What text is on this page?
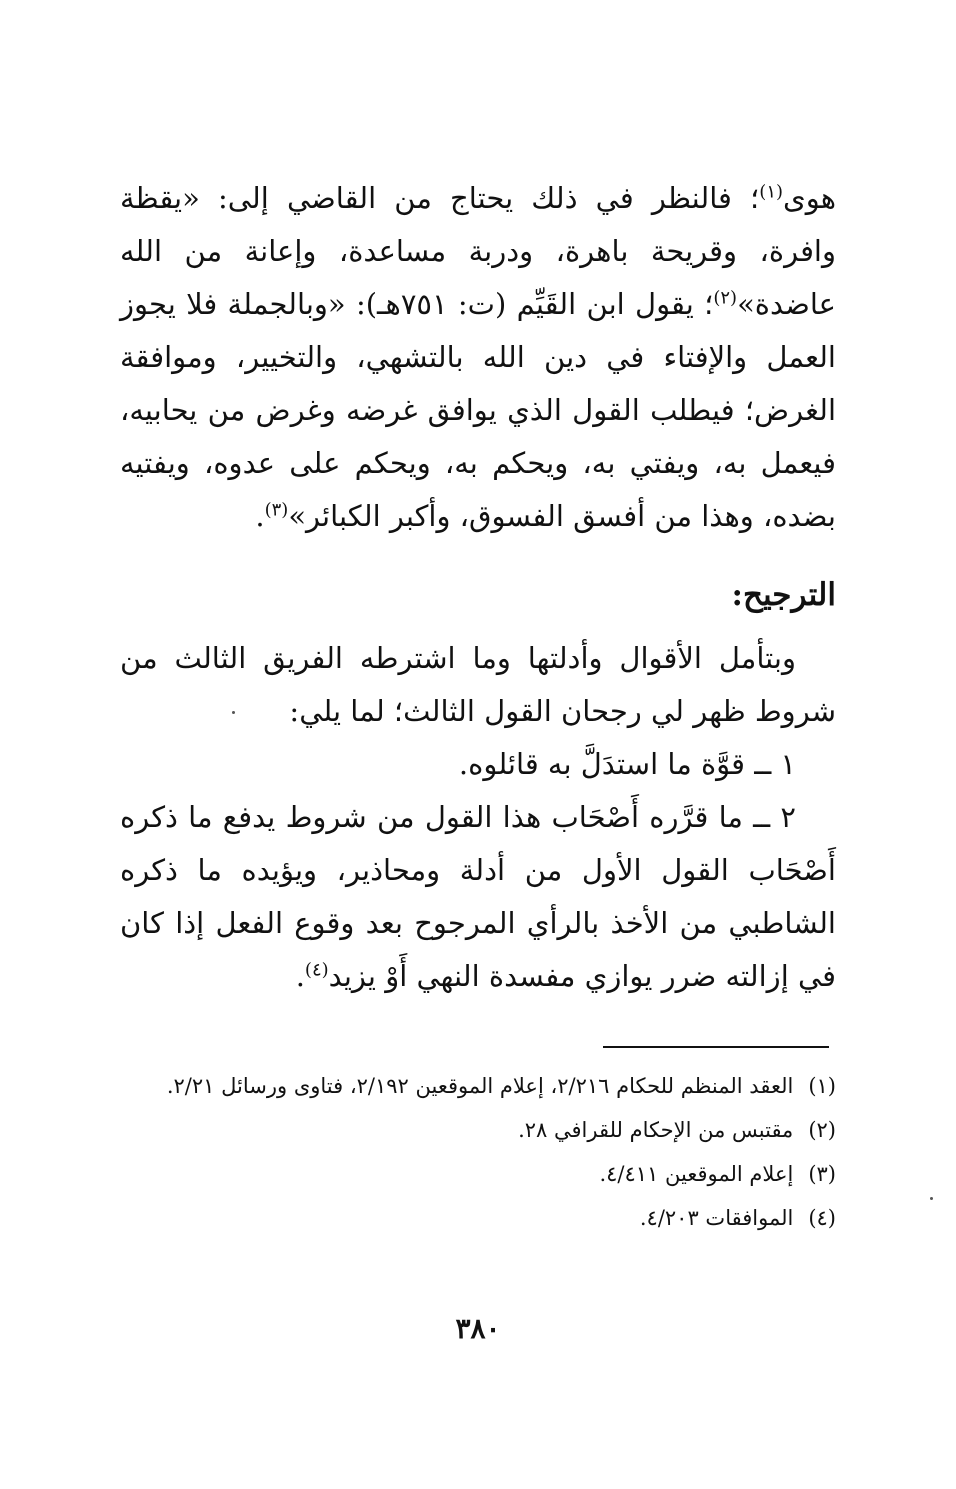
هوى$^{(١)}$؛ فالنظر في ذلك يحتاج من القاضي إلى: «يقظة وافرة، وقريحة باهرة، ودربة مساعدة، وإعانة من الله عاضدة»$^{(٢)}$؛ يقول ابن القَيِّم (ت: ٧٥١هـ): «وبالجملة فلا يجوز العمل والإفتاء في دين الله بالتشهي، والتخيير، وموافقة الغرض؛ فيطلب القول الذي يوافق غرضه وغرض من يحابيه، فيعمل به، ويفتي به، ويحكم به، ويحكم على عدوه، ويفتيه بضده، وهذا من أفسق الفسوق، وأكبر الكبائر»$^{(٣)}$.

الترجيح:

وبتأمل الأقوال وأدلتها وما اشترطه الفريق الثالث من شروط ظهر لي رجحان القول الثالث؛ لما يلي:

١ ــ قوَّة ما استدَلَّ به قائلوه.

٢ ــ ما قرَّره أَصْحَاب هذا القول من شروط يدفع ما ذكره أَصْحَاب القول الأول من أدلة ومحاذير، ويؤيده ما ذكره الشاطبي من الأخذ بالرأي المرجوح بعد وقوع الفعل إذا كان في إزالته ضرر يوازي مفسدة النهي أَوْ يزيد$^{(٤)}$.

(١) العقد المنظم للحكام ٢/٢١٦، إعلام الموقعين ٢/١٩٢، فتاوى ورسائل ٢/٢١.

(٢) مقتبس من الإحكام للقرافي ٢٨.

(٣) إعلام الموقعين ٤/٤١١.

(٤) الموافقات ٤/٢٠٣.

٣٨٠
